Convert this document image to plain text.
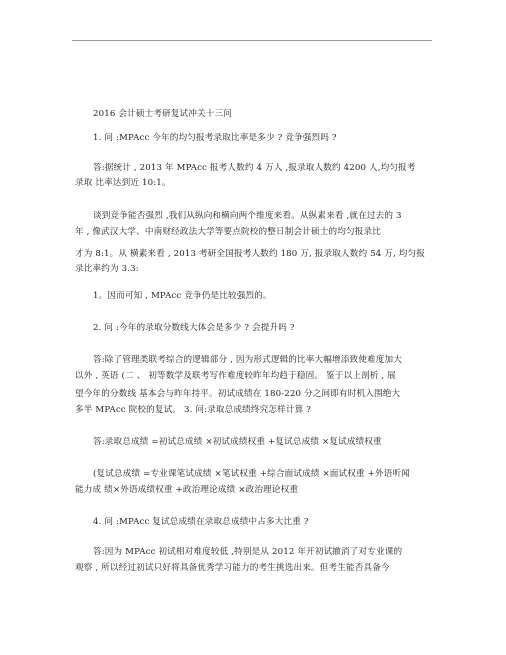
2016 会计硕士考研复试冲关十三问
1. 问 :MPAcc 今年的均匀报考录取比率是多少 ? 竞争强烈吗 ?
答:据统计 , 2013 年 MPAcc 报考人数约 4 万人 ,报录取人数约 4200 人,均匀报考
录取 比率达到近 10:1。
谈到竞争能否强烈 ,我们从纵向和横向两个维度来看。从纵素来看 ,就在过去的 3
年 , 像武汉大学、中南财经政法大学等要点院校的整日制会计硕士的均匀报录比
才为 8:1。从 横素来看 , 2013 考研全国报考人数约 180 万, 报录取人数约 54 万, 均匀报
录比率约为 3.3:
1。因而可知 , MPAcc 竞争仍是比较强烈的。
2. 问 :今年的录取分数线大体会是多少 ? 会提升吗 ?
答:除了管理类联考综合的逻辑部分 , 因为形式逻辑的比率大幅增添致使难度加大
以外 , 英语 (二 、 初等数学及联考写作难度较昨年均趋于稳固。 鉴于以上剖析 , 展
望今年的分数线 基本会与昨年持平。初试成绩在 180-220 分之间即有时机入围绝大
多半 MPAcc 院校的复试。 3. 问:录取总成绩终究怎样计算 ?
答:录取总成绩 =初试总成绩 ×初试成绩权重 +复试总成绩 ×复试成绩权重
(复试总成绩 =专业课笔试成绩 ×笔试权重 +综合面试成绩 ×面试权重 +外语听闻
能力成 绩×外语成绩权重 +政治理论成绩 ×政治理论权重
4. 问 :MPAcc 复试总成绩在录取总成绩中占多大比重 ?
答:因为 MPAcc 初试相对难度较低 ,特别是从 2012 年开初试撤消了对专业课的
观察 , 所以经过初试只好将具备优秀学习能力的考生挑选出来。但考生能否具备今
